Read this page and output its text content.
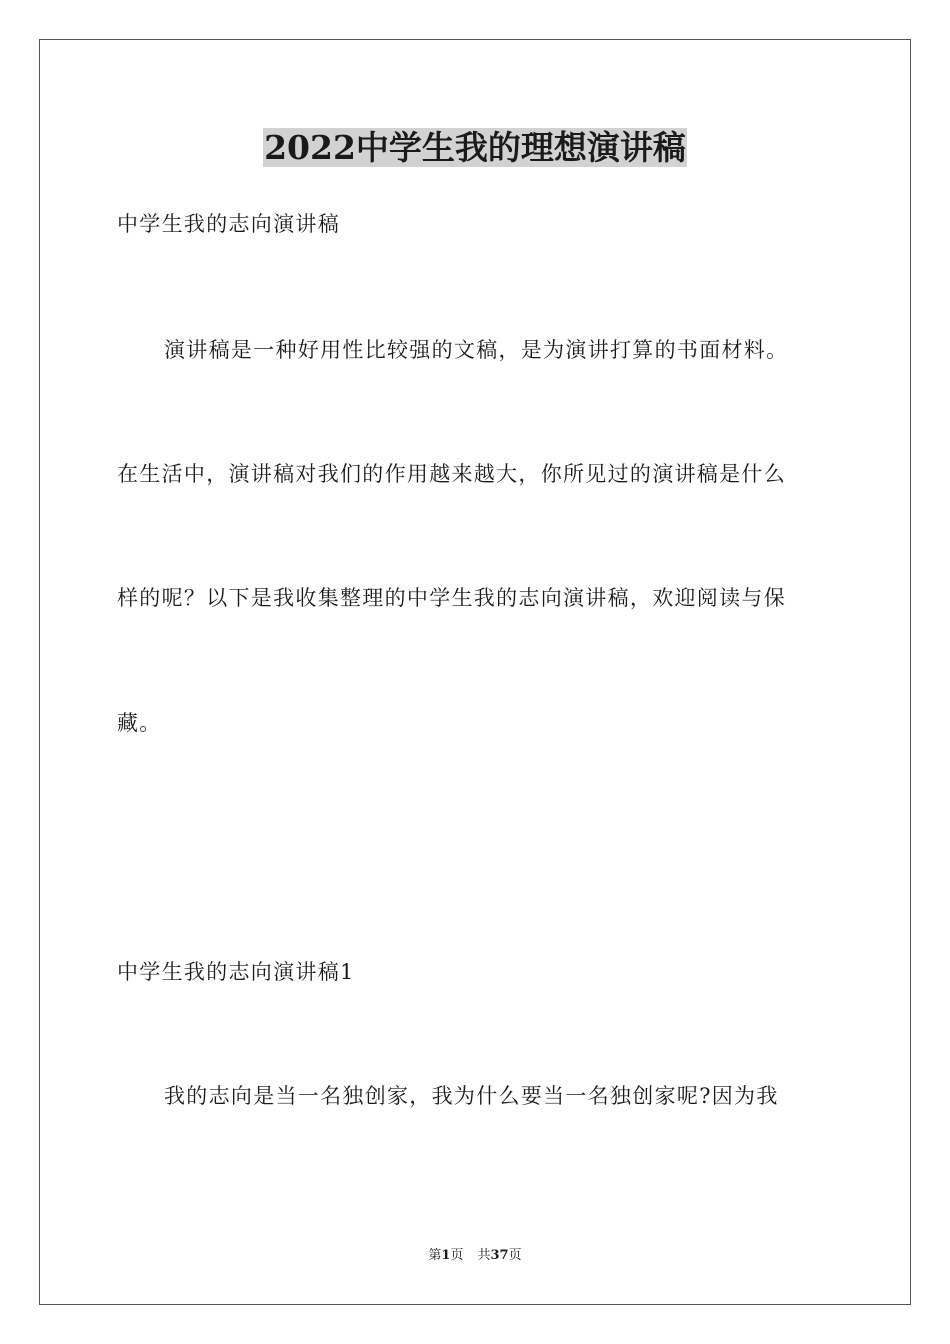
2022中学生我的理想演讲稿
中学生我的志向演讲稿
演讲稿是一种好用性比较强的文稿，是为演讲打算的书面材料。
在生活中，演讲稿对我们的作用越来越大，你所见过的演讲稿是什么
样的呢？以下是我收集整理的中学生我的志向演讲稿，欢迎阅读与保
藏。
中学生我的志向演讲稿1
我的志向是当一名独创家，我为什么要当一名独创家呢?因为我
第1页 共37页
